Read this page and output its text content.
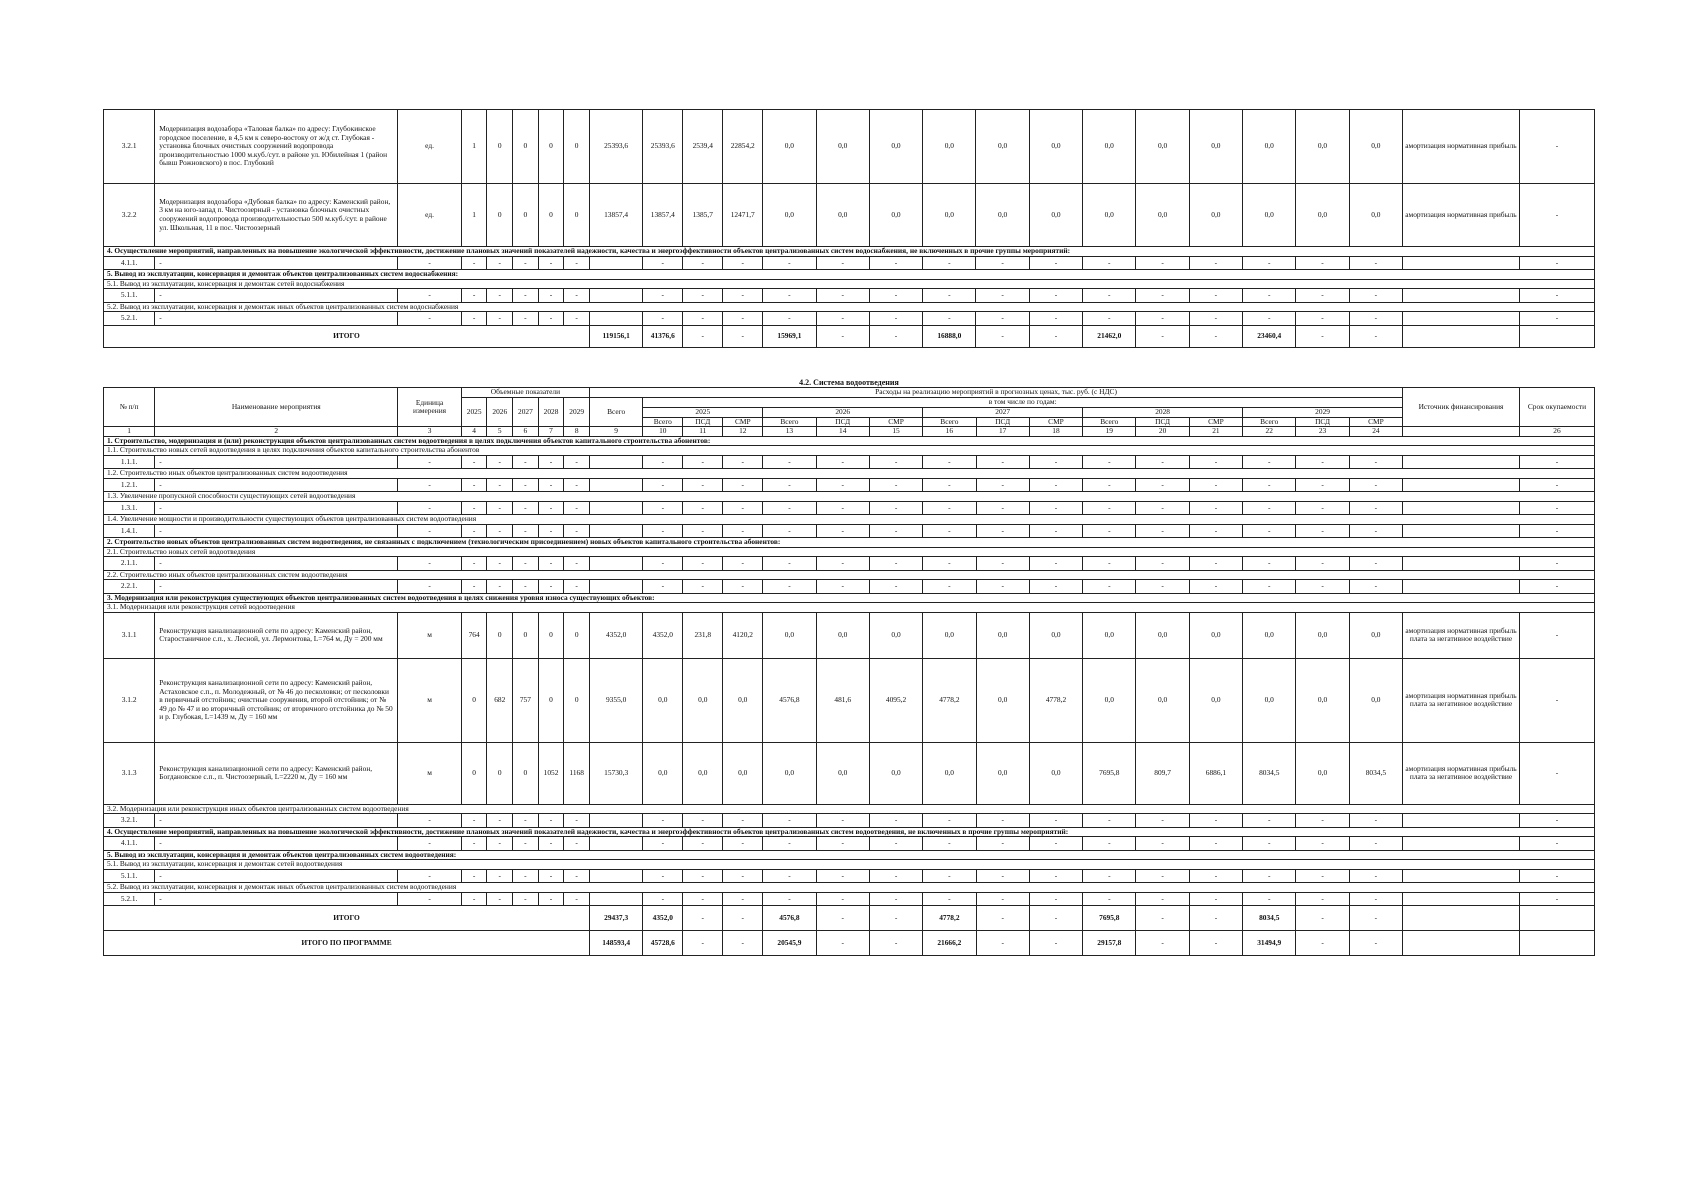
3.2.1	Модернизация водозабора «Таловая балка» по адресу: Глубокинское городское поселение, в 4,5 км к северо-востоку от ж/д ст. Глубокая - установка блочных очистных сооружений водопровода производительностью 1000 м.куб./сут. в районе ул. Юбилейная 1 (район бывш Рожновского) в пос. Глубокий	ед.	1	0	0	0	0	25393,6	25393,6	2539,4	22854,2	0,0	0,0	0,0	0,0	0,0	0,0	0,0	0,0	0,0	0,0	0,0	0,0	амортизация нормативная прибыль	-
3.2.2	Модернизация водозабора «Дубовая балка» по адресу: Каменский район, 3 км на юго-запад п. Чистоозерный - установка блочных очистных сооружений водопровода производительностью 500 м.куб./сут. в районе ул. Школьная, 11 в пос. Чистоозерный	ед.	1	0	0	0	0	13857,4	13857,4	1385,7	12471,7	0,0	0,0	0,0	0,0	0,0	0,0	0,0	0,0	0,0	0,0	0,0	0,0	амортизация нормативная прибыль	-
4. Осуществление мероприятий, направленных на повышение экологической эффективности, достижение плановых значений показателей надежности, качества и энергоэффективности объектов централизованных систем водоснабжения, не включенных в прочие группы мероприятий:																									
4.1.1.	-	-	-	-	-	-	-		-	-	-	-	-	-	-	-	-	-	-	-	-	-	-		-
5. Вывод из эксплуатации, консервация и демонтаж объектов централизованных систем водоснабжения:																									
5.1. Вывод из эксплуатации, консервация и демонтаж сетей водоснабжения																									
5.1.1.	-	-	-	-	-	-	-		-	-	-	-	-	-	-	-	-	-	-	-	-	-	-		-
5.2. Вывод из эксплуатации, консервация и демонтаж иных объектов централизованных систем водоснабжения																									
5.2.1.	-	-	-	-	-	-	-		-	-	-	-	-	-	-	-	-	-	-	-	-	-	-		-
ИТОГО								119156,1	41376,6	-	-	15969,1	-	-	16888,0	-	-	21462,0	-	-	23460,4	-	-		
4.2. Система водоотведения
№ п/п	Наименование мероприятия	Единица измерения	Объемные показатели					Расходы на реализацию мероприятий в прогнозных ценах, тыс. руб. (с НДС)																Источник финансирования	Срок окупаемости
			2025	2026	2027	2028	2029	Всего	в том числе по годам:																
									2025			2026			2027			2028			2029				
									Всего	ПСД	СМР	Всего	ПСД	СМР	Всего	ПСД	СМР	Всего	ПСД	СМР	Всего	ПСД	СМР		
1	2	3	4	5	6	7	8	9	10	11	12	13	14	15	16	17	18	19	20	21	22	23	24		26
1. Строительство, модернизация и (или) реконструкция объектов централизованных систем водоотведения в целях подключения объектов капитального строительства абонентов:																									
1.1. Строительство новых сетей водоотведения в целях подключения объектов капитального строительства абонентов																									
1.1.1.	-	-	-	-	-	-	-		-	-	-	-	-	-	-	-	-	-	-	-	-	-	-		-
1.2. Строительство иных объектов централизованных систем водоотведения																									
1.2.1.	-	-	-	-	-	-	-		-	-	-	-	-	-	-	-	-	-	-	-	-	-	-		-
1.3. Увеличение пропускной способности существующих сетей водоотведения																									
1.3.1.	-	-	-	-	-	-	-		-	-	-	-	-	-	-	-	-	-	-	-	-	-	-		-
1.4. Увеличение мощности и производительности существующих объектов централизованных систем водоотведения																									
1.4.1.	-	-	-	-	-	-	-		-	-	-	-	-	-	-	-	-	-	-	-	-	-	-		-
2. Строительство новых объектов централизованных систем водоотведения, не связанных с подключением (технологическим присоединением) новых объектов капитального строительства абонентов:																									
2.1. Строительство новых сетей водоотведения																									
2.1.1.	-	-	-	-	-	-	-		-	-	-	-	-	-	-	-	-	-	-	-	-	-	-		-
2.2. Строительство иных объектов централизованных систем водоотведения																									
2.2.1.	-	-	-	-	-	-	-		-	-	-	-	-	-	-	-	-	-	-	-	-	-	-		-
3. Модернизация или реконструкция существующих объектов централизованных систем водоотведения в целях снижения уровня износа существующих объектов:																									
3.1. Модернизация или реконструкция сетей водоотведения																									
3.1.1	Реконструкция канализационной сети по адресу: Каменский район, Старостаничное с.п., х. Лесной, ул. Лермонтова, L=764 м, Ду = 200 мм	м	764	0	0	0	0	4352,0	4352,0	231,8	4120,2	0,0	0,0	0,0	0,0	0,0	0,0	0,0	0,0	0,0	0,0	0,0	0,0	амортизация нормативная прибыль плата за негативное воздействие	-
3.1.2	Реконструкция канализационной сети по адресу: Каменский район, Астаховское с.п., п. Молодежный, от № 46 до песколовки; от песколовки в первичный отстойник; очистные сооружения, второй отстойник; от № 49 до № 47 и во вторичный отстойник; от вторичного отстойника до № 50 и р. Глубокая, L=1439 м, Ду = 160 мм	м	0	682	757	0	0	9355,0	0,0	0,0	0,0	4576,8	481,6	4095,2	4778,2	0,0	4778,2	0,0	0,0	0,0	0,0	0,0	0,0	амортизация нормативная прибыль плата за негативное воздействие	-
3.1.3	Реконструкция канализационной сети по адресу: Каменский район, Богдановское с.п., п. Чистоозерный, L=2220 м, Ду = 160 мм	м	0	0	0	1052	1168	15730,3	0,0	0,0	0,0	0,0	0,0	0,0	0,0	0,0	0,0	7695,8	809,7	6886,1	8034,5	0,0	8034,5	амортизация нормативная прибыль плата за негативное воздействие	-
3.2. Модернизация или реконструкция иных объектов централизованных систем водоотведения																									
3.2.1.	-	-	-	-	-	-	-		-	-	-	-	-	-	-	-	-	-	-	-	-	-	-		-
4. Осуществление мероприятий, направленных на повышение экологической эффективности, достижение плановых значений показателей надежности, качества и энергоэффективности объектов централизованных систем водоотведения, не включенных в прочие группы мероприятий:																									
4.1.1.	-	-	-	-	-	-	-		-	-	-	-	-	-	-	-	-	-	-	-	-	-	-		-
5. Вывод из эксплуатации, консервация и демонтаж объектов централизованных систем водоотведения:																									
5.1. Вывод из эксплуатации, консервация и демонтаж сетей водоотведения																									
5.1.1.	-	-	-	-	-	-	-		-	-	-	-	-	-	-	-	-	-	-	-	-	-	-		-
5.2. Вывод из эксплуатации, консервация и демонтаж иных объектов централизованных систем водоотведения																									
5.2.1.	-	-	-	-	-	-	-		-	-	-	-	-	-	-	-	-	-	-	-	-	-	-		-
ИТОГО								29437,3	4352,0	-	-	4576,8	-	-	4778,2	-	-	7695,8	-	-	8034,5	-	-		
ИТОГО ПО ПРОГРАММЕ								148593,4	45728,6	-	-	20545,9	-	-	21666,2	-	-	29157,8	-	-	31494,9	-	-		
